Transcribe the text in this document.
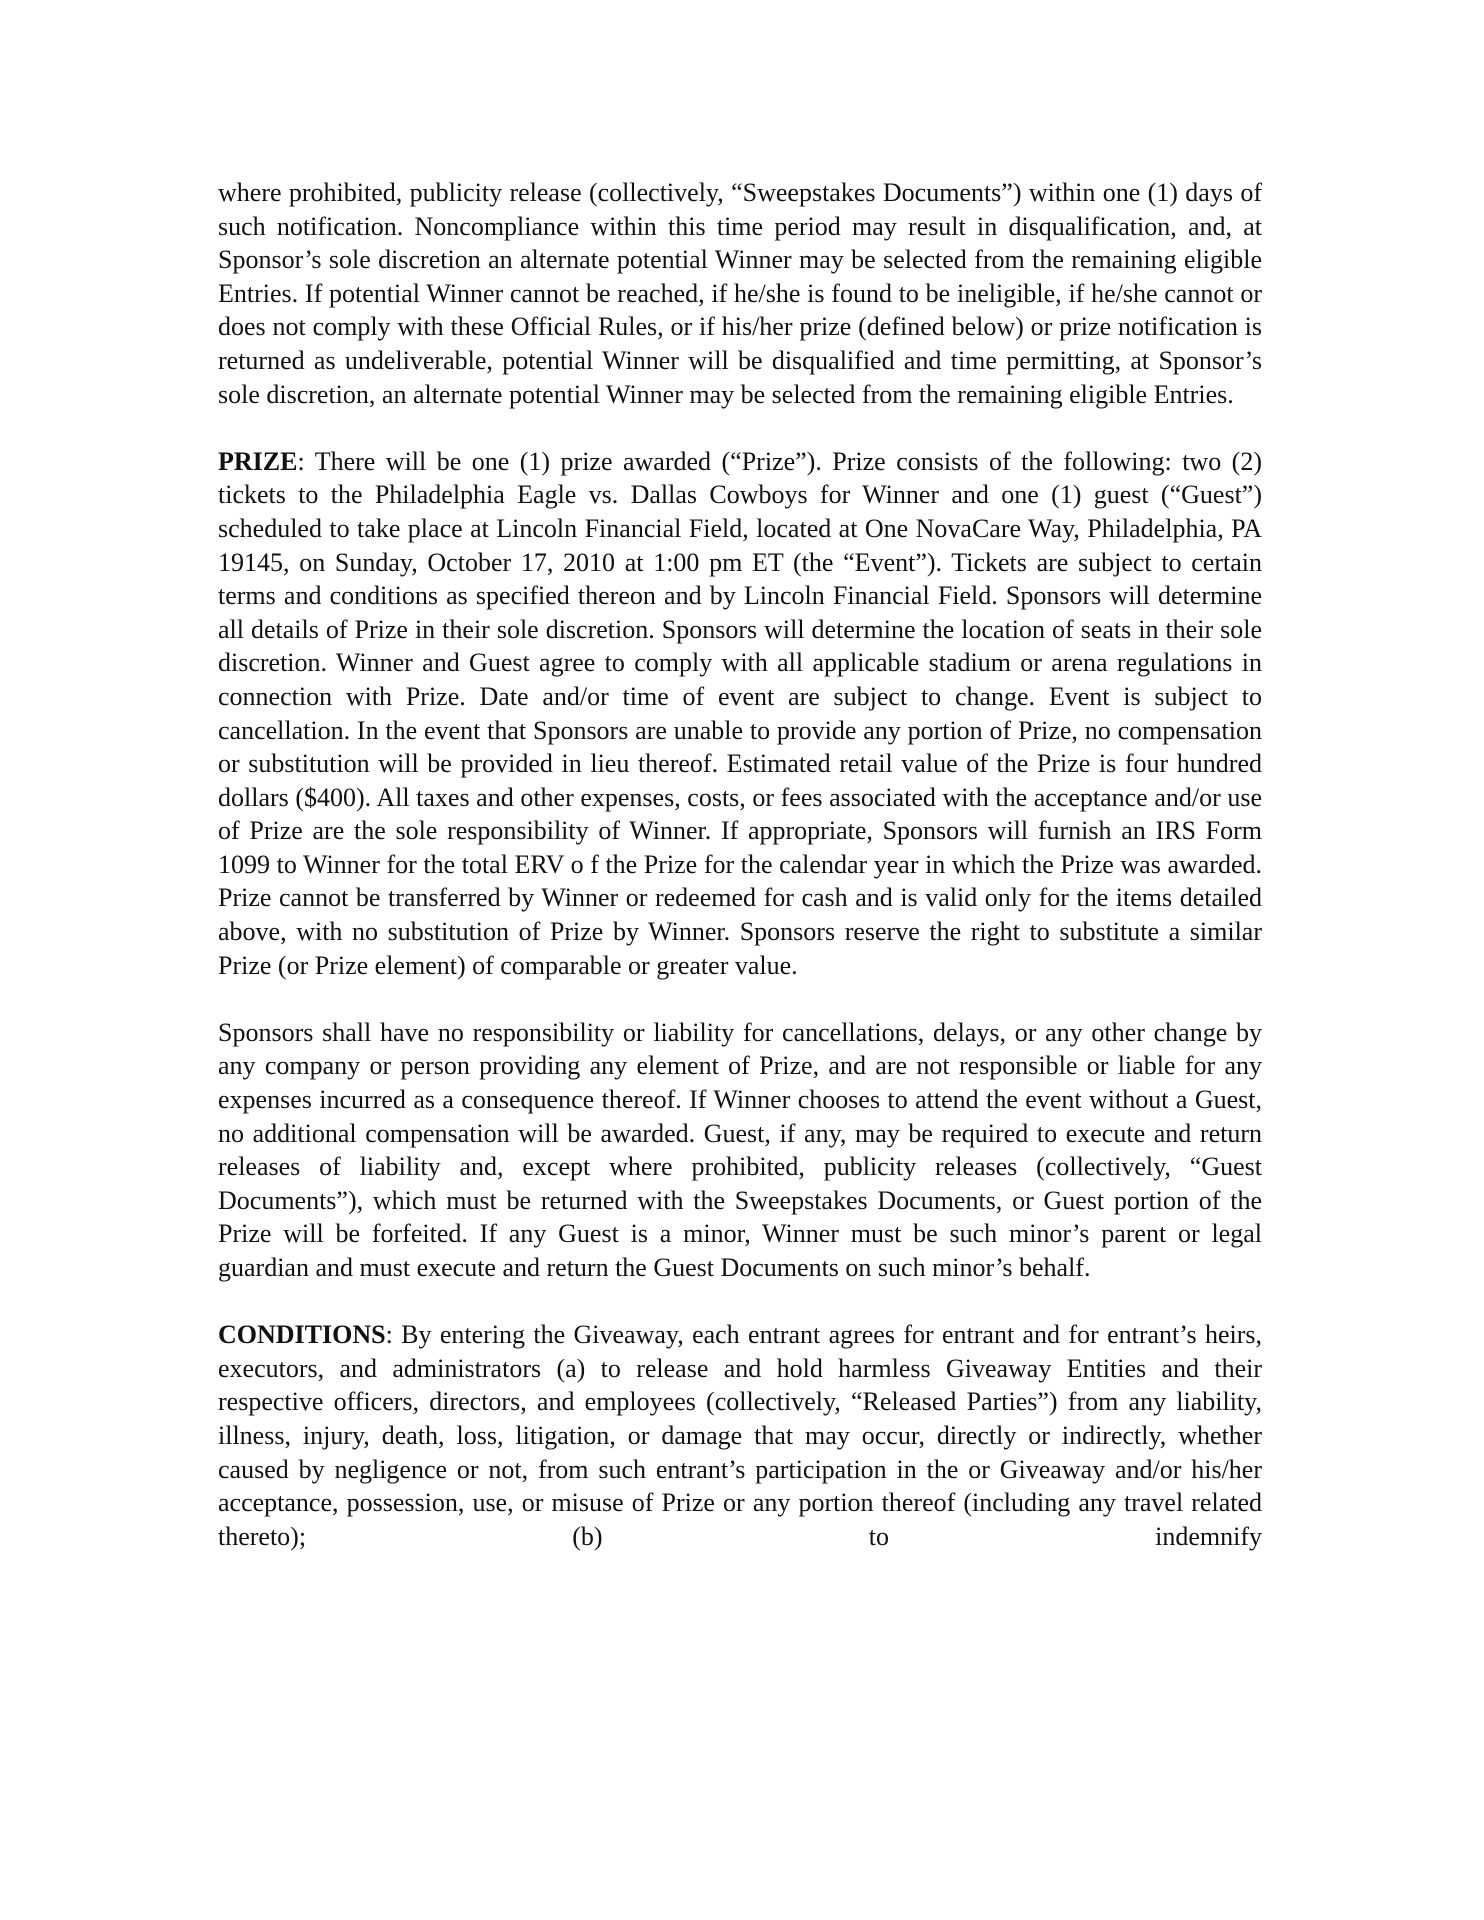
where prohibited, publicity release (collectively, “Sweepstakes Documents”) within one (1) days of such notification. Noncompliance within this time period may result in disqualification, and, at Sponsor’s sole discretion an alternate potential Winner may be selected from the remaining eligible Entries. If potential Winner cannot be reached, if he/she is found to be ineligible, if he/she cannot or does not comply with these Official Rules, or if his/her prize (defined below) or prize notification is returned as undeliverable, potential Winner will be disqualified and time permitting, at Sponsor’s sole discretion, an alternate potential Winner may be selected from the remaining eligible Entries.

PRIZE: There will be one (1) prize awarded (“Prize”). Prize consists of the following: two (2) tickets to the Philadelphia Eagle vs. Dallas Cowboys for Winner and one (1) guest (“Guest”) scheduled to take place at Lincoln Financial Field, located at One NovaCare Way, Philadelphia, PA 19145, on Sunday, October 17, 2010 at 1:00 pm ET (the “Event”). Tickets are subject to certain terms and conditions as specified thereon and by Lincoln Financial Field. Sponsors will determine all details of Prize in their sole discretion. Sponsors will determine the location of seats in their sole discretion. Winner and Guest agree to comply with all applicable stadium or arena regulations in connection with Prize. Date and/or time of event are subject to change. Event is subject to cancellation. In the event that Sponsors are unable to provide any portion of Prize, no compensation or substitution will be provided in lieu thereof. Estimated retail value of the Prize is four hundred dollars ($400). All taxes and other expenses, costs, or fees associated with the acceptance and/or use of Prize are the sole responsibility of Winner. If appropriate, Sponsors will furnish an IRS Form 1099 to Winner for the total ERV o f the Prize for the calendar year in which the Prize was awarded. Prize cannot be transferred by Winner or redeemed for cash and is valid only for the items detailed above, with no substitution of Prize by Winner. Sponsors reserve the right to substitute a similar Prize (or Prize element) of comparable or greater value.

Sponsors shall have no responsibility or liability for cancellations, delays, or any other change by any company or person providing any element of Prize, and are not responsible or liable for any expenses incurred as a consequence thereof. If Winner chooses to attend the event without a Guest, no additional compensation will be awarded. Guest, if any, may be required to execute and return releases of liability and, except where prohibited, publicity releases (collectively, “Guest Documents”), which must be returned with the Sweepstakes Documents, or Guest portion of the Prize will be forfeited. If any Guest is a minor, Winner must be such minor’s parent or legal guardian and must execute and return the Guest Documents on such minor’s behalf.

CONDITIONS: By entering the Giveaway, each entrant agrees for entrant and for entrant’s heirs, executors, and administrators (a) to release and hold harmless Giveaway Entities and their respective officers, directors, and employees (collectively, “Released Parties”) from any liability, illness, injury, death, loss, litigation, or damage that may occur, directly or indirectly, whether caused by negligence or not, from such entrant’s participation in the or Giveaway and/or his/her acceptance, possession, use, or misuse of Prize or any portion thereof (including any travel related thereto); (b) to indemnify
